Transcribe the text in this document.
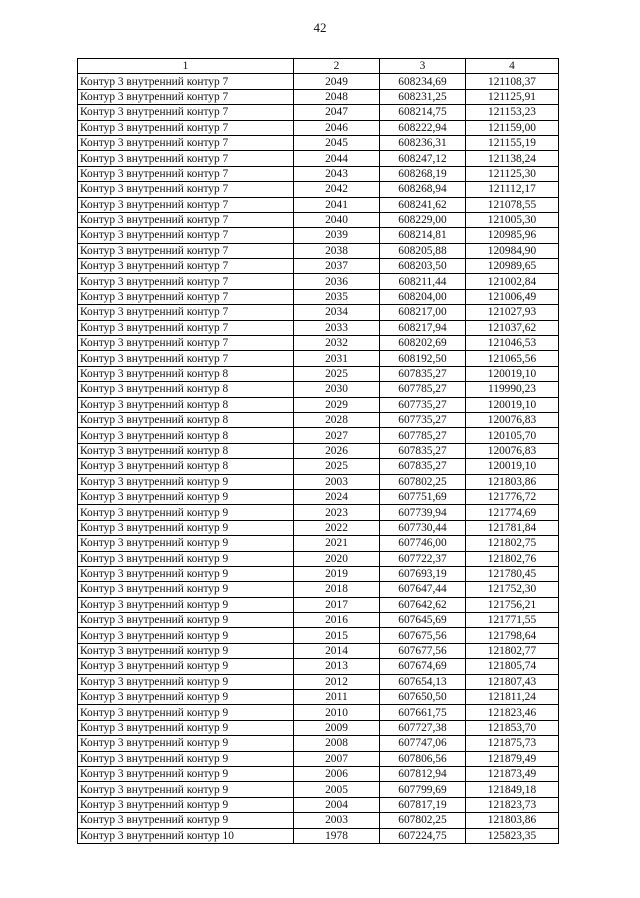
42
1	2	3	4
Контур 3 внутренний контур 7	2049	608234,69	121108,37
Контур 3 внутренний контур 7	2048	608231,25	121125,91
Контур 3 внутренний контур 7	2047	608214,75	121153,23
Контур 3 внутренний контур 7	2046	608222,94	121159,00
Контур 3 внутренний контур 7	2045	608236,31	121155,19
Контур 3 внутренний контур 7	2044	608247,12	121138,24
Контур 3 внутренний контур 7	2043	608268,19	121125,30
Контур 3 внутренний контур 7	2042	608268,94	121112,17
Контур 3 внутренний контур 7	2041	608241,62	121078,55
Контур 3 внутренний контур 7	2040	608229,00	121005,30
Контур 3 внутренний контур 7	2039	608214,81	120985,96
Контур 3 внутренний контур 7	2038	608205,88	120984,90
Контур 3 внутренний контур 7	2037	608203,50	120989,65
Контур 3 внутренний контур 7	2036	608211,44	121002,84
Контур 3 внутренний контур 7	2035	608204,00	121006,49
Контур 3 внутренний контур 7	2034	608217,00	121027,93
Контур 3 внутренний контур 7	2033	608217,94	121037,62
Контур 3 внутренний контур 7	2032	608202,69	121046,53
Контур 3 внутренний контур 7	2031	608192,50	121065,56
Контур 3 внутренний контур 8	2025	607835,27	120019,10
Контур 3 внутренний контур 8	2030	607785,27	119990,23
Контур 3 внутренний контур 8	2029	607735,27	120019,10
Контур 3 внутренний контур 8	2028	607735,27	120076,83
Контур 3 внутренний контур 8	2027	607785,27	120105,70
Контур 3 внутренний контур 8	2026	607835,27	120076,83
Контур 3 внутренний контур 8	2025	607835,27	120019,10
Контур 3 внутренний контур 9	2003	607802,25	121803,86
Контур 3 внутренний контур 9	2024	607751,69	121776,72
Контур 3 внутренний контур 9	2023	607739,94	121774,69
Контур 3 внутренний контур 9	2022	607730,44	121781,84
Контур 3 внутренний контур 9	2021	607746,00	121802,75
Контур 3 внутренний контур 9	2020	607722,37	121802,76
Контур 3 внутренний контур 9	2019	607693,19	121780,45
Контур 3 внутренний контур 9	2018	607647,44	121752,30
Контур 3 внутренний контур 9	2017	607642,62	121756,21
Контур 3 внутренний контур 9	2016	607645,69	121771,55
Контур 3 внутренний контур 9	2015	607675,56	121798,64
Контур 3 внутренний контур 9	2014	607677,56	121802,77
Контур 3 внутренний контур 9	2013	607674,69	121805,74
Контур 3 внутренний контур 9	2012	607654,13	121807,43
Контур 3 внутренний контур 9	2011	607650,50	121811,24
Контур 3 внутренний контур 9	2010	607661,75	121823,46
Контур 3 внутренний контур 9	2009	607727,38	121853,70
Контур 3 внутренний контур 9	2008	607747,06	121875,73
Контур 3 внутренний контур 9	2007	607806,56	121879,49
Контур 3 внутренний контур 9	2006	607812,94	121873,49
Контур 3 внутренний контур 9	2005	607799,69	121849,18
Контур 3 внутренний контур 9	2004	607817,19	121823,73
Контур 3 внутренний контур 9	2003	607802,25	121803,86
Контур 3 внутренний контур 10	1978	607224,75	125823,35
